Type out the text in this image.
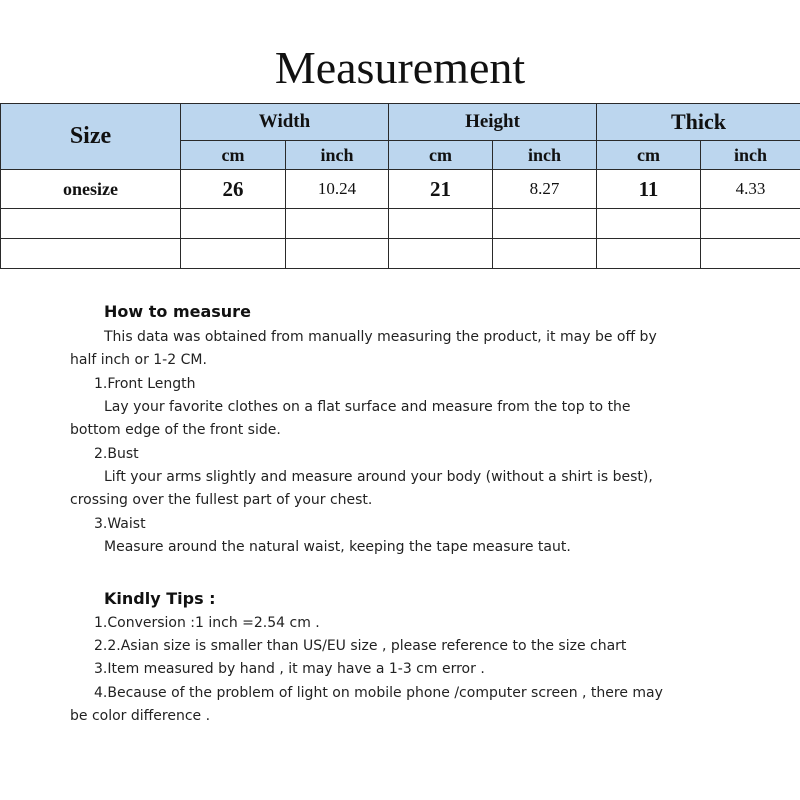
Measurement
Size	Width		Height		Thick	
	cm	inch	cm	inch	cm	inch
onesize	26	10.24	21	8.27	11	4.33

How to measure
This data was obtained from manually measuring the product, it may be off by
half inch or 1-2 CM.
1.Front Length
Lay your favorite clothes on a flat surface and measure from the top to the
bottom edge of the front side.
2.Bust
Lift your arms slightly and measure around your body (without a shirt is best),
crossing over the fullest part of your chest.
3.Waist
Measure around the natural waist, keeping the tape measure taut.
Kindly Tips :
1.Conversion :1 inch =2.54 cm .
2.2.Asian size is smaller than US/EU size , please reference to the size chart
3.Item measured by hand , it may have a 1-3 cm error .
4.Because of the problem of light on mobile phone /computer screen , there may
be color difference .
